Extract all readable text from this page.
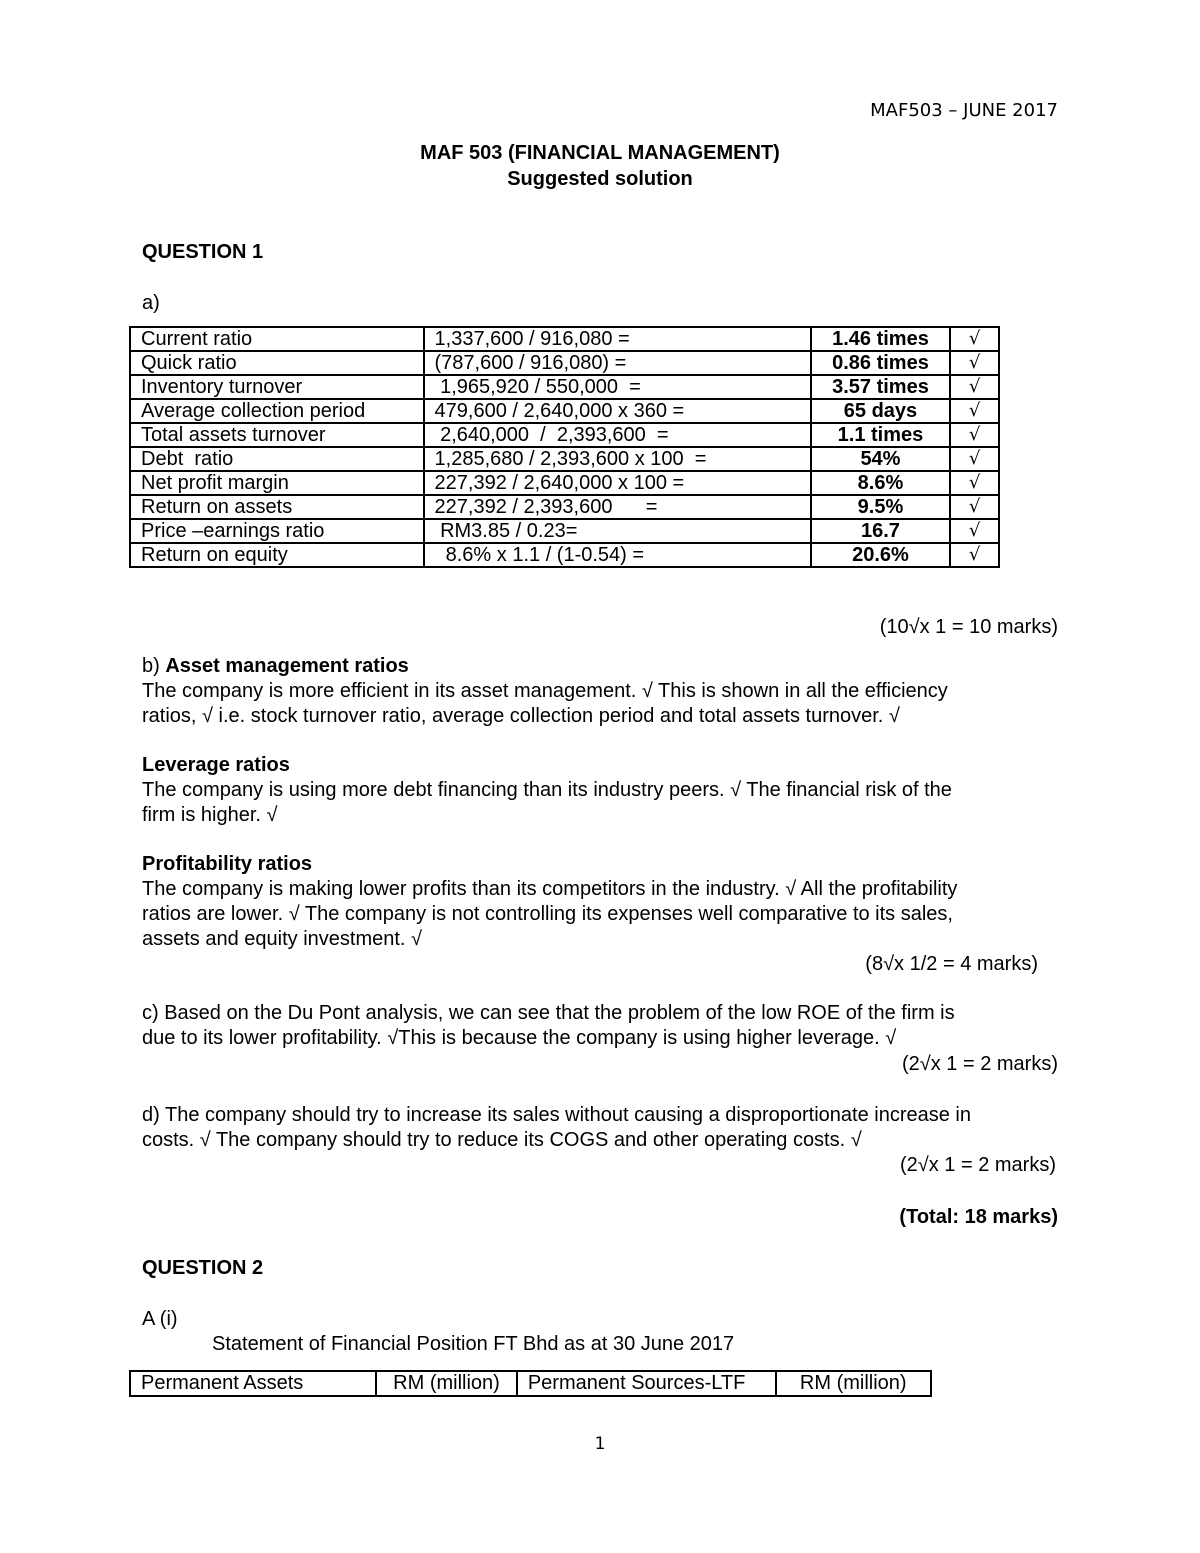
MAF503 – JUNE 2017
MAF 503 (FINANCIAL MANAGEMENT)
Suggested solution
QUESTION 1
a)
Current ratio	1,337,600 / 916,080 =	1.46 times	√
Quick ratio	(787,600 / 916,080) =	0.86 times	√
Inventory turnover	1,965,920 / 550,000  =	3.57 times	√
Average collection period	479,600 / 2,640,000 x 360 =	65 days	√
Total assets turnover	2,640,000  /  2,393,600  =	1.1 times	√
Debt  ratio	1,285,680 / 2,393,600 x 100  =	54%	√
Net profit margin	227,392 / 2,640,000 x 100 =	8.6%	√
Return on assets	227,392 / 2,393,600      =	9.5%	√
Price –earnings ratio	RM3.85 / 0.23=	16.7	√
Return on equity	8.6% x 1.1 / (1-0.54) =	20.6%	√
(10√x 1 = 10 marks)
b) Asset management ratios
The company is more efficient in its asset management. √ This is shown in all the efficiency
ratios, √ i.e. stock turnover ratio, average collection period and total assets turnover. √
Leverage ratios
The company is using more debt financing than its industry peers. √ The financial risk of the
firm is higher. √
Profitability ratios
The company is making lower profits than its competitors in the industry. √ All the profitability
ratios are lower. √ The company is not controlling its expenses well comparative to its sales,
assets and equity investment. √
(8√x 1/2 = 4 marks)
c) Based on the Du Pont analysis, we can see that the problem of the low ROE of the firm is
due to its lower profitability. √This is because the company is using higher leverage. √
(2√x 1 = 2 marks)
d) The company should try to increase its sales without causing a disproportionate increase in
costs. √ The company should try to reduce its COGS and other operating costs. √
(2√x 1 = 2 marks)
(Total: 18 marks)
QUESTION 2
A (i)
Statement of Financial Position FT Bhd as at 30 June 2017
Permanent Assets	RM (million)	Permanent Sources-LTF	RM (million)
1
